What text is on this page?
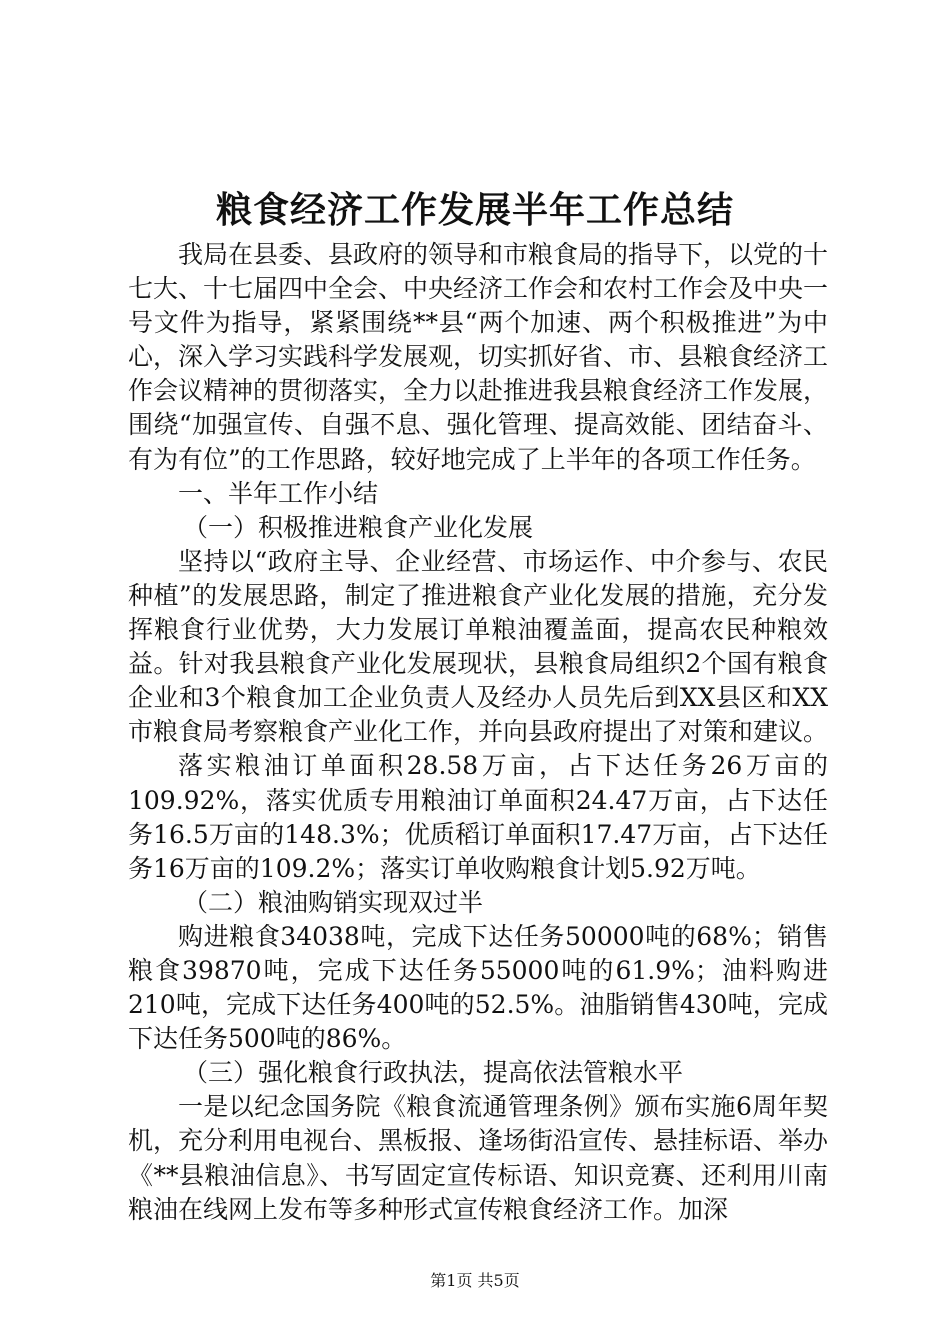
粮食经济工作发展半年工作总结

我局在县委、县政府的领导和市粮食局的指导下，以党的十七大、十七届四中全会、中央经济工作会和农村工作会及中央一号文件为指导，紧紧围绕**县“两个加速、两个积极推进”为中心，深入学习实践科学发展观，切实抓好省、市、县粮食经济工作会议精神的贯彻落实，全力以赴推进我县粮食经济工作发展，围绕“加强宣传、自强不息、强化管理、提高效能、团结奋斗、有为有位”的工作思路，较好地完成了上半年的各项工作任务。

一、半年工作小结

（一）积极推进粮食产业化发展

坚持以“政府主导、企业经营、市场运作、中介参与、农民种植”的发展思路，制定了推进粮食产业化发展的措施，充分发挥粮食行业优势，大力发展订单粮油覆盖面，提高农民种粮效益。针对我县粮食产业化发展现状，县粮食局组织2个国有粮食企业和3个粮食加工企业负责人及经办人员先后到XX县区和XX市粮食局考察粮食产业化工作，并向县政府提出了对策和建议。

落实粮油订单面积28.58万亩，占下达任务26万亩的109.92%，落实优质专用粮油订单面积24.47万亩，占下达任务16.5万亩的148.3%；优质稻订单面积17.47万亩，占下达任务16万亩的109.2%；落实订单收购粮食计划5.92万吨。

（二）粮油购销实现双过半

购进粮食34038吨，完成下达任务50000吨的68%；销售粮食39870吨，完成下达任务55000吨的61.9%；油料购进210吨，完成下达任务400吨的52.5%。油脂销售430吨，完成下达任务500吨的86%。

（三）强化粮食行政执法，提高依法管粮水平

一是以纪念国务院《粮食流通管理条例》颁布实施6周年契机，充分利用电视台、黑板报、逢场街沿宣传、悬挂标语、举办《**县粮油信息》、书写固定宣传标语、知识竞赛、还利用川南粮油在线网上发布等多种形式宣传粮食经济工作。加深

第1页 共5页
